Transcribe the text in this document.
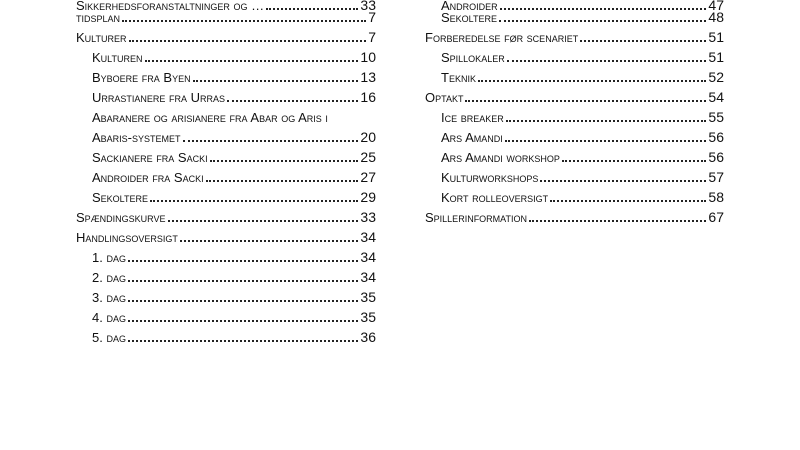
Sikkerhedsforanstaltninger og …	33
tidsplan	7
Kulturer	7
Kulturen	10
Byboere fra Byen	13
Urrastianere fra Urras	16
Abaranere og arisianere fra Abar og Aris i
Abaris-systemet	20
Sackianere fra Sacki	25
Androider fra Sacki	27
Sekoltere	29
Spændingskurve	33
Handlingsoversigt	34
1. dag	34
2. dag	34
3. dag	35
4. dag	35
5. dag	36
Androider	47
Sekoltere	48
Forberedelse før scenariet	51
Spillokaler	51
Teknik	52
Optakt	54
Ice breaker	55
Ars Amandi	56
Ars Amandi workshop	56
Kulturworkshops	57
Kort rolleoversigt	58
Spillerinformation	67
